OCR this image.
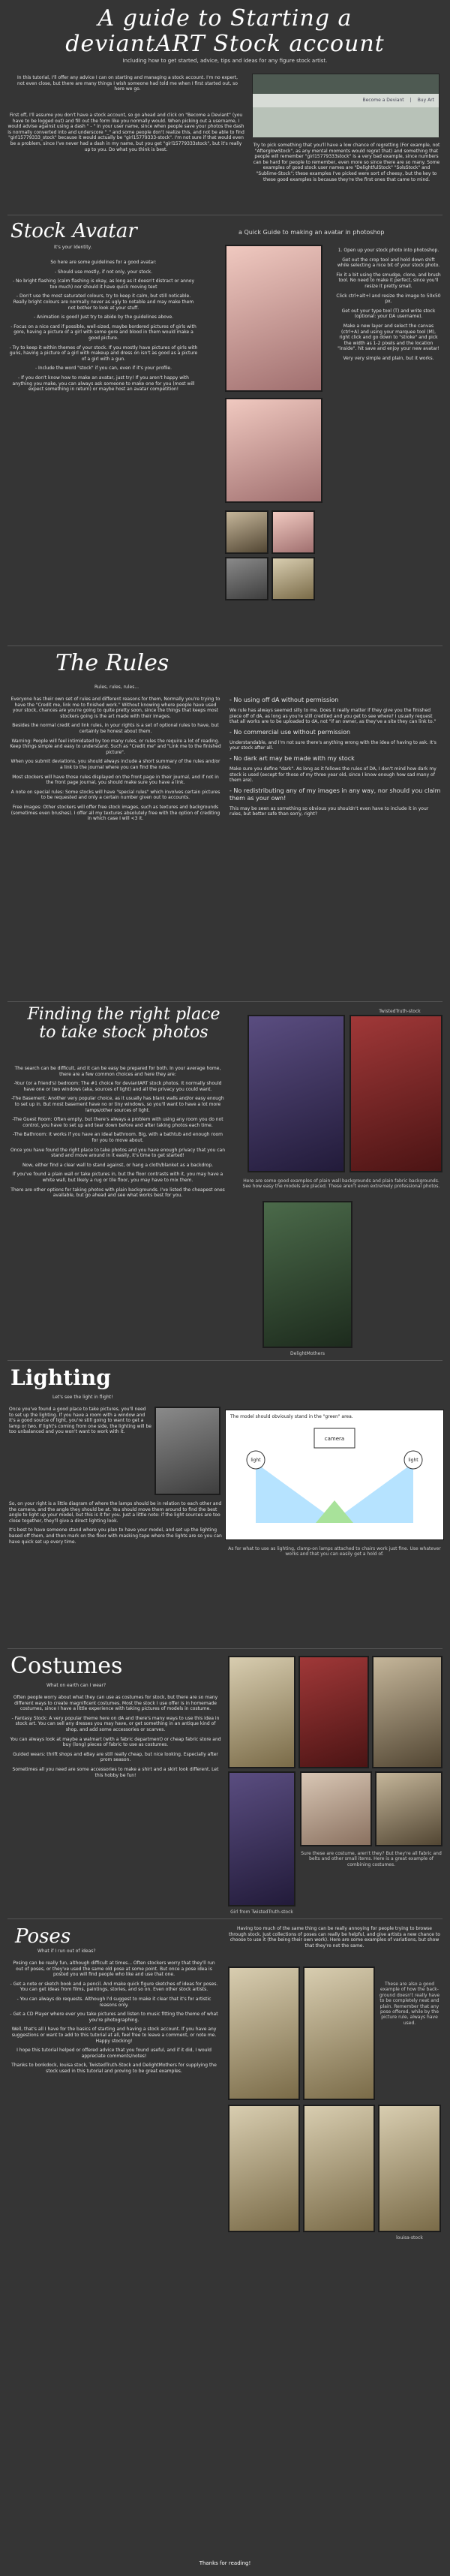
A guide to Starting a
deviantART Stock account
Including how to get started, advice, tips and ideas for any figure stock artist.

In this tutorial, I'll offer any advice I can on starting and managing a stock account. I'm no expert, not even close, but there are many things I wish someone had told me when I first started out, so here we go.

First off, I'll assume you don't have a stock account, so go ahead and click on "Become a Deviant" (you have to be logged out) and fill out the form like you normally would. When picking out a username, I would advise against using a dash " - " in your user name, since when people save your photos the dash is normally converted into and underscore "_" and some people don't realize this, and not be able to find "girl15779333_stock" because it would actually be "girl15779333-stock". I'm not sure if that would even be a problem, since I've never had a dash in my name, but you get "girl15779333stock", but it's really up to you. Do what you think is best.

Become a Deviant | Buy Art

Try to pick something that you'll have a low chance of regretting (For example, not "AfterglowStock", as any mental moments would regret that) and something that people will remember "girl15779333stock" is a very bad example, since numbers can be hard for people to remember, even more so since there are so many. Some examples of good stock user names are "DelightfulStock" "SolsStock" and "Sublime-Stock"; these examples I've picked were sort of cheesy, but the key to these good examples is because they're the first ones that came to mind.

Stock Avatar	a Quick Guide to making an avatar in photoshop
It's your Identity.

So here are some guidelines for a good avatar:

- Should use mostly, if not only, your stock.

- No bright flashing (calm flashing is okay, as long as it doesn't distract or annoy too much) nor should it have quick moving text

- Don't use the most saturated colours, try to keep it calm, but still noticable. Really bright colours are normally never as ugly to notable and may make them not bother to look at your stuff.

- Animation is good! Just try to abide by the guidelines above.

- Focus on a nice card if possible, well-sized, maybe bordered pictures of girls with gore, having a picture of a girl with some gore and blood in them would make a good picture.

- Try to keep it within themes of your stock. If you mostly have pictures of girls with guns, having a picture of a girl with makeup and dress on isn't as good as a picture of a girl with a gun.

- Include the word "stock" if you can, even if it's your profile.

- If you don't know how to make an avatar, just try! If you aren't happy with anything you make, you can always ask someone to make one for you (most will expect something in return) or maybe host an avatar competition!

1. Open up your stock photo into photoshop.

Get out the crop tool and hold down shift while selecting a nice bit of your stock photo.

Fix it a bit using the smudge, clone, and brush tool. No need to make it perfect, since you'll resize it pretty small.

Click ctrl+alt+l and resize the image to 50x50 px.

Get out your type tool (T) and write stock (optional: your DA username).

Make a new layer and select the canvas (ctrl+A) and using your marquee tool (M), right click and go down to "stroke" and pick the width as 1-2 pixels and the location "inside". hit save and enjoy your new avatar!

Very very simple and plain, but it works.

The Rules
Rules, rules, rules...

Everyone has their own set of rules and different reasons for them, Normally you're trying to have the "Credit me, link me to finished work." Without knowing where people have used your stock, chances are you're going to quite pretty soon, since the things that keeps most stockers going is the art made with their images.

Besides the normal credit and link rules, in your rights is a set of optional rules to have, but certainly be honest about them.

Warning: People will feel intimidated by too many rules, or rules the require a lot of reading. Keep things simple and easy to understand. Such as "Credit me" and "Link me to the finished picture".

When you submit deviations, you should always include a short summary of the rules and/or a link to the journal where you can find the rules.

Most stockers will have those rules displayed on the front page in their journal, and if not in the front page journal, you should make sure you have a link.

A note on special rules: Some stocks will have "special rules" which involves certain pictures to be requested and only a certain number given out to accounts.

Free images: Other stockers will offer free stock images, such as textures and backgrounds (sometimes even brushes). I offer all my textures absolutely free with the option of crediting in which case I will <3 it.

- No using off dA without permission

We rule has always seemed silly to me. Does it really matter if they give you the finished piece off of dA, as long as you're still credited and you get to see where? I usually request that all works are to be uploaded to dA, not "if an owner, as they've a site they can link to."

- No commercial use without permission

Understandable, and I'm not sure there's anything wrong with the idea of having to ask. It's your stock after all.

- No dark art may be made with my stock

Make sure you define "dark". As long as it follows the rules of DA, I don't mind how dark my stock is used (except for those of my three year old, since I know enough how sad many of them are).

- No redistributing any of my images in any way, nor should you claim them as your own!

This may be seen as something so obvious you shouldn't even have to include it in your rules, but better safe than sorry, right?

Finding the right place to take stock photos

The search can be difficult, and it can be easy be prepared for both. In your average home, there are a few common choices and here they are:

-Your (or a friend's) bedroom: The #1 choice for deviantART stock photos. It normally should have one or two windows (aka, sources of light) and all the privacy you could want.

-The Basement: Another very popular choice, as it usually has blank walls and/or easy enough to set up in. But most basement have no or tiny windows, so you'll want to have a lot more lamps/other sources of light.

-The Guest Room: Often empty, but there's always a problem with using any room you do not control, you have to set up and tear down before and after taking photos each time.

-The Bathroom: It works if you have an ideal bathroom. Big, with a bathtub and enough room for you to move about.

Once you have found the right place to take photos and you have enough privacy that you can stand and move around in it easily, it's time to get started!

Now, either find a clear wall to stand against, or hang a cloth/blanket as a backdrop.

If you've found a plain wall or take pictures in, but the floor contrasts with it, you may have a white wall, but likely a rug or tile floor, you may have to mix them.

There are other options for taking photos with plain backgrounds. I've listed the cheapest ones available, but go ahead and see what works best for you.

TwistedTruth-stock
Here are some good examples of plain wall backgrounds and plain fabric backgrounds. See how easy the models are placed. These aren't even extremely professional photos.
DelightMothers
Lighting
Let's see the light in flight!

Once you've found a good place to take pictures, you'll need to set up the lighting. If you have a room with a window and it's a good source of light, you're still going to want to get a lamp or two. If light's coming from one side, the lighting will be too unbalanced and you won't want to work with it.

So, on your right is a little diagram of where the lamps should be in relation to each other and the camera, and the angle they should be at. You should move them around to find the best angle to light up your model, but this is it for you. Just a little note: if the light sources are too close together, they'll give a direct lighting look.

It's best to have someone stand where you plan to have your model, and set up the lighting based off them, and then mark on the floor with masking tape where the lights are so you can have quick set up every time.

The model should obviously stand in the "green" area.
camera
light	light
As for what to use as lighting, clamp-on lamps attached to chairs work just fine. Use whatever works and that you can easily get a hold of.
Costumes
What on earth can I wear?

Often people worry about what they can use as costumes for stock, but there are so many different ways to create magnificent costumes. Most the stock I use offer is in homemade costumes, since I have a little experience with taking pictures of models in costume.

- Fantasy Stock: A very popular theme here on dA and there's many ways to use this idea in stock art. You can sell any dresses you may have, or get something in an antique kind of shop, and add some accessories or scarves.

You can always look at maybe a walmart (with a fabric department) or cheap fabric store and buy (long) pieces of fabric to use as costumes.

Guided wears: thrift shops and eBay are still really cheap, but nice looking. Especially after prom season.

Sometimes all you need are some accessories to make a shirt and a skirt look different. Let this hobby be fun!

Girl from TwistedTruth-stock
Sure these are costume, aren't they? But they're all fabric and belts and other small items. Here is a great example of combining costumes.
Poses
What if I run out of ideas?

Posing can be really fun, although difficult at times... Often stockers worry that they'll run out of poses, or they've used the same old pose at some point. But once a pose idea is posted you will find people who like and use that one.

- Get a note or sketch book and a pencil. And make quick figure sketches of ideas for poses. You can get ideas from films, paintings, stories, and so on. Even other stock artists.

- You can always do requests. Although I'd suggest to make it clear that it's for artistic reasons only.

- Get a CD Player where ever you take pictures and listen to music fitting the theme of what you're photographing.

Well, that's all I have for the basics of starting and having a stock account. If you have any suggestions or want to add to this tutorial at all, feel free to leave a comment, or note me. Happy stocking!

I hope this tutorial helped or offered advice that you found useful, and if it did, I would appreciate comments/notes!

Thanks to bonkdock, Iouisa stock, TwistedTruth-Stock and DelightMothers for supplying the stock used in this tutorial and proving to be great examples.

Having too much of the same thing can be really annoying for people trying to browse through stock. Just collections of poses can really be helpful, and give artists a new chance to choose to use it (the being their own work). Here are some examples of variations, but show that they're not the same.

These are also a good example of how the back-ground doesn't really have to be completely neat and plain. Remember that any pose offered, while by the picture rule, always have used.
louisa-stock
Thanks for reading!
